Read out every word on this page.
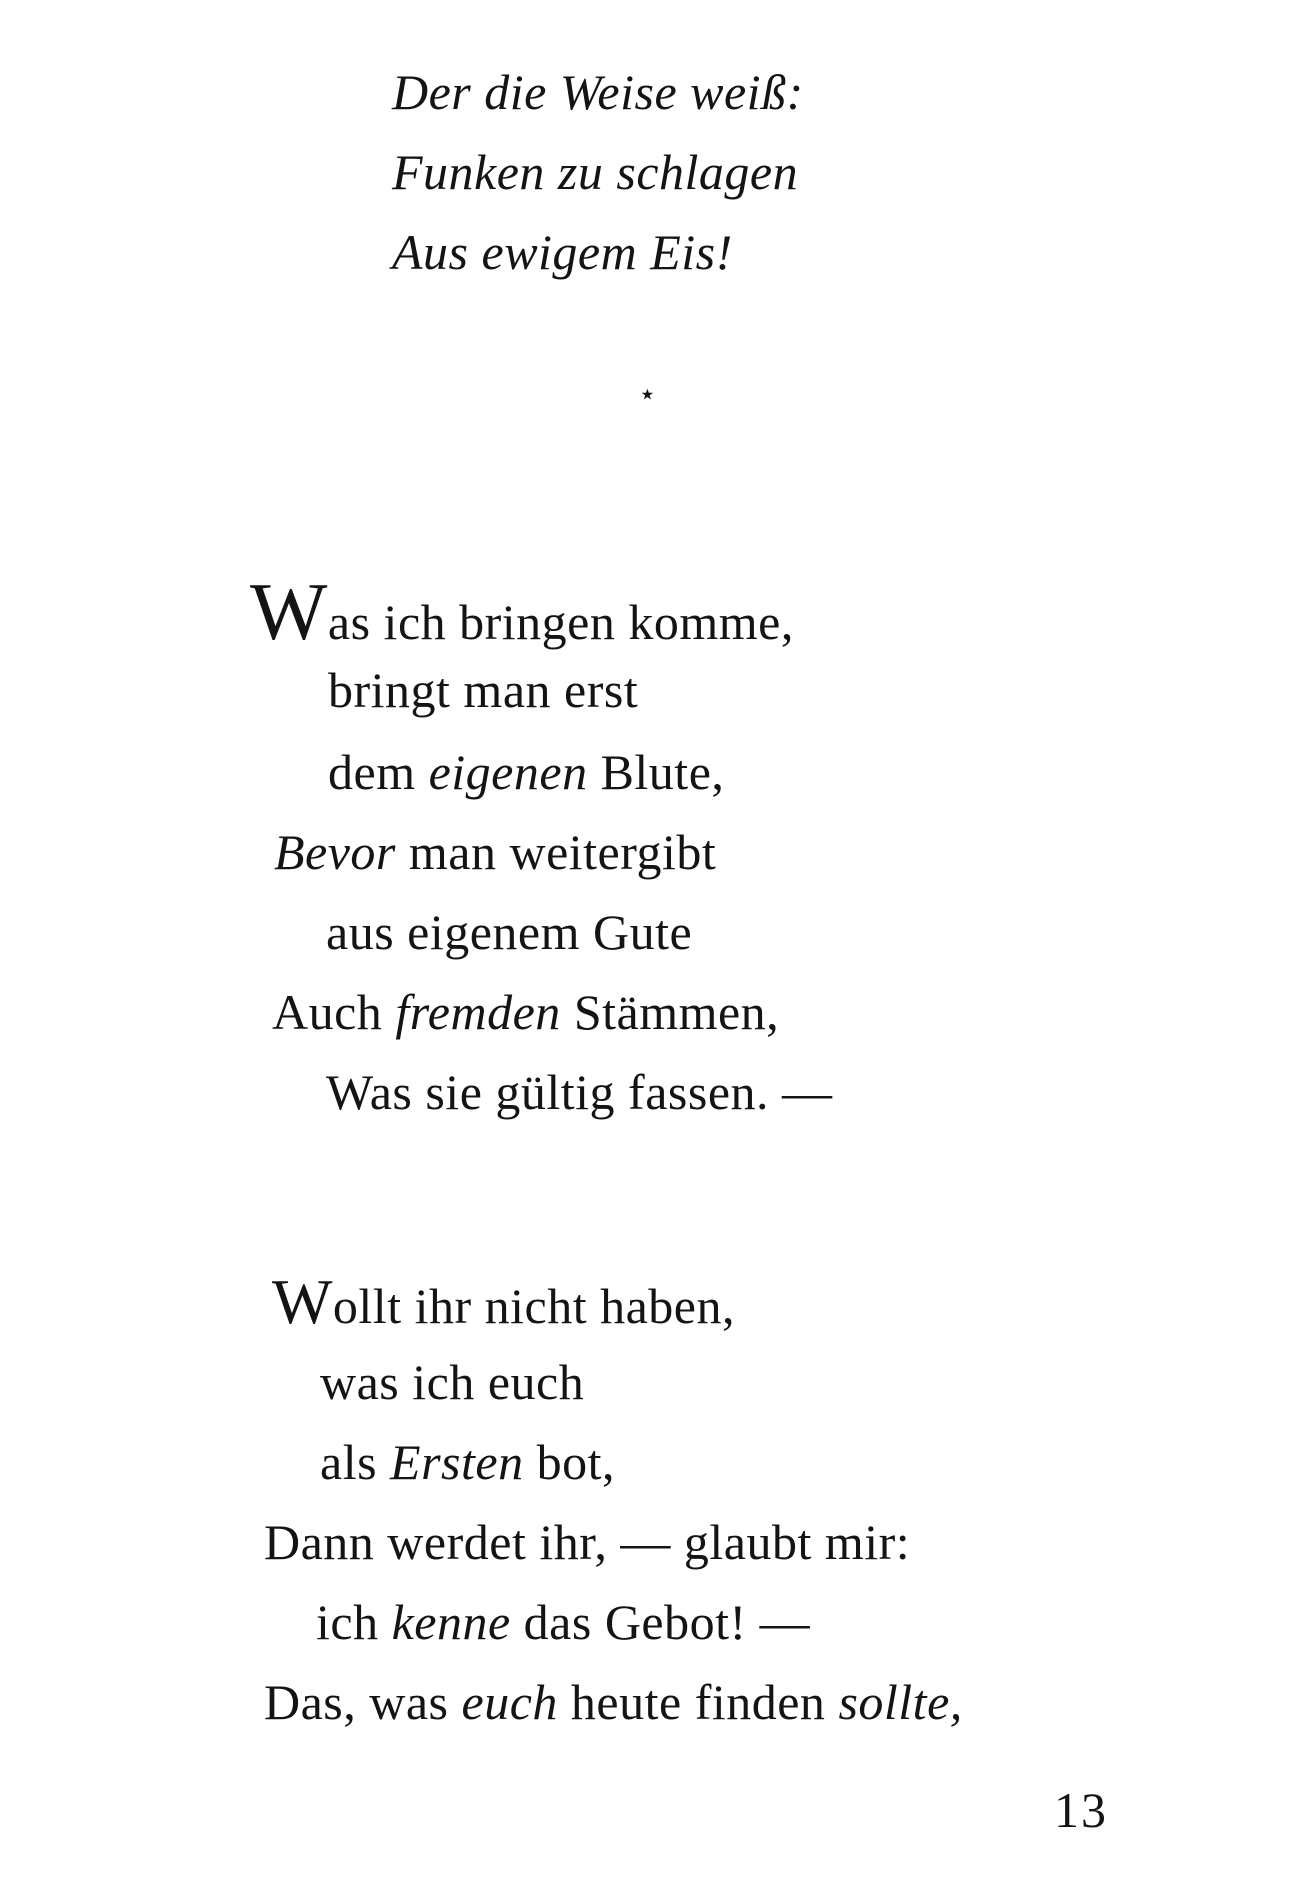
Der die Weise weiß:
Funken zu schlagen
Aus ewigem Eis!
⋆
Was ich bringen komme,
bringt man erst
dem eigenen Blute,
Bevor man weitergibt
aus eigenem Gute
Auch fremden Stämmen,
Was sie gültig fassen. —
Wollt ihr nicht haben,
was ich euch
als Ersten bot,
Dann werdet ihr, — glaubt mir:
ich kenne das Gebot! —
Das, was euch heute finden sollte,
13
